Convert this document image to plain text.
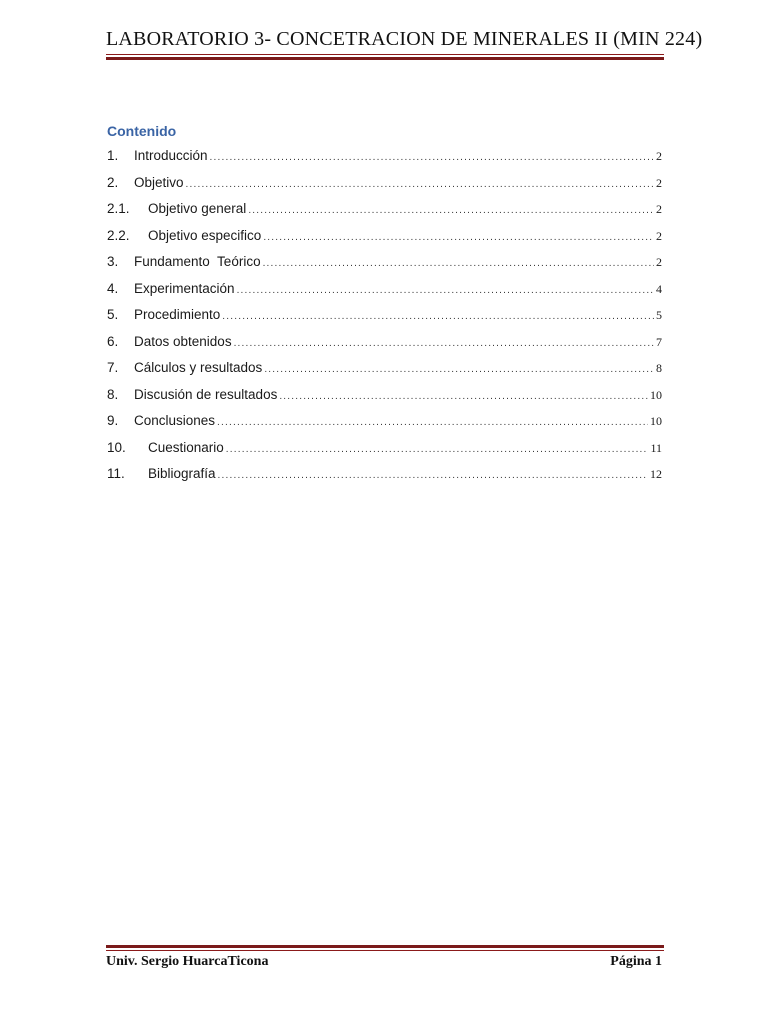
LABORATORIO 3- CONCETRACION DE MINERALES II (MIN 224)
Contenido
1.	Introducción .....	2
2.	Objetivo .....	2
2.1.	Objetivo general .....	2
2.2.	Objetivo especifico .....	2
3.	Fundamento  Teórico .....	2
4.	Experimentación .....	4
5.	Procedimiento .....	5
6.	Datos obtenidos .....	7
7.	Cálculos y resultados .....	8
8.	Discusión de resultados .....	10
9.	Conclusiones .....	10
10.	Cuestionario .....	11
11.	Bibliografía .....	12
Univ. Sergio HuarcaTicona	Página 1
